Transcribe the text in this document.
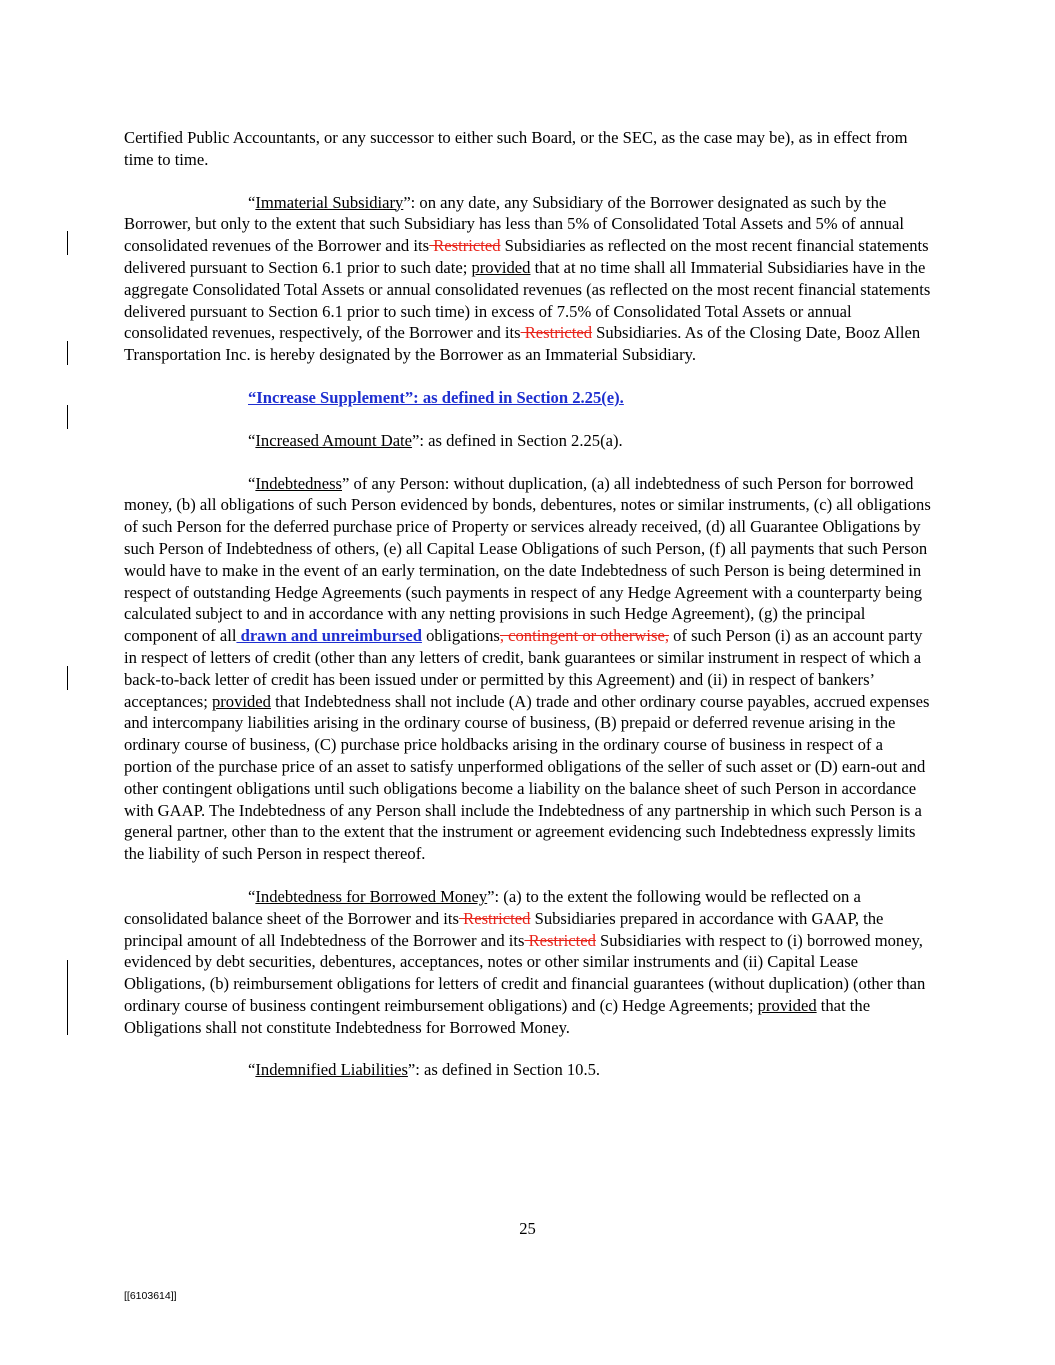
Certified Public Accountants, or any successor to either such Board, or the SEC, as the case may be), as in effect from time to time.

“Immaterial Subsidiary”: on any date, any Subsidiary of the Borrower designated as such by the Borrower, but only to the extent that such Subsidiary has less than 5% of Consolidated Total Assets and 5% of annual consolidated revenues of the Borrower and its Restricted Subsidiaries as reflected on the most recent financial statements delivered pursuant to Section 6.1 prior to such date; provided that at no time shall all Immaterial Subsidiaries have in the aggregate Consolidated Total Assets or annual consolidated revenues (as reflected on the most recent financial statements delivered pursuant to Section 6.1 prior to such time) in excess of 7.5% of Consolidated Total Assets or annual consolidated revenues, respectively, of the Borrower and its Restricted Subsidiaries. As of the Closing Date, Booz Allen Transportation Inc. is hereby designated by the Borrower as an Immaterial Subsidiary.

“Increase Supplement”: as defined in Section 2.25(e).

“Increased Amount Date”: as defined in Section 2.25(a).

“Indebtedness” of any Person: without duplication, (a) all indebtedness of such Person for borrowed money, (b) all obligations of such Person evidenced by bonds, debentures, notes or similar instruments, (c) all obligations of such Person for the deferred purchase price of Property or services already received, (d) all Guarantee Obligations by such Person of Indebtedness of others, (e) all Capital Lease Obligations of such Person, (f) all payments that such Person would have to make in the event of an early termination, on the date Indebtedness of such Person is being determined in respect of outstanding Hedge Agreements (such payments in respect of any Hedge Agreement with a counterparty being calculated subject to and in accordance with any netting provisions in such Hedge Agreement), (g) the principal component of all drawn and unreimbursed obligations, contingent or otherwise, of such Person (i) as an account party in respect of letters of credit (other than any letters of credit, bank guarantees or similar instrument in respect of which a back-to-back letter of credit has been issued under or permitted by this Agreement) and (ii) in respect of bankers’ acceptances; provided that Indebtedness shall not include (A) trade and other ordinary course payables, accrued expenses and intercompany liabilities arising in the ordinary course of business, (B) prepaid or deferred revenue arising in the ordinary course of business, (C) purchase price holdbacks arising in the ordinary course of business in respect of a portion of the purchase price of an asset to satisfy unperformed obligations of the seller of such asset or (D) earn-out and other contingent obligations until such obligations become a liability on the balance sheet of such Person in accordance with GAAP. The Indebtedness of any Person shall include the Indebtedness of any partnership in which such Person is a general partner, other than to the extent that the instrument or agreement evidencing such Indebtedness expressly limits the liability of such Person in respect thereof.

“Indebtedness for Borrowed Money”: (a) to the extent the following would be reflected on a consolidated balance sheet of the Borrower and its Restricted Subsidiaries prepared in accordance with GAAP, the principal amount of all Indebtedness of the Borrower and its Restricted Subsidiaries with respect to (i) borrowed money, evidenced by debt securities, debentures, acceptances, notes or other similar instruments and (ii) Capital Lease Obligations, (b) reimbursement obligations for letters of credit and financial guarantees (without duplication) (other than ordinary course of business contingent reimbursement obligations) and (c) Hedge Agreements; provided that the Obligations shall not constitute Indebtedness for Borrowed Money.

“Indemnified Liabilities”: as defined in Section 10.5.

25
[[6103614]]
